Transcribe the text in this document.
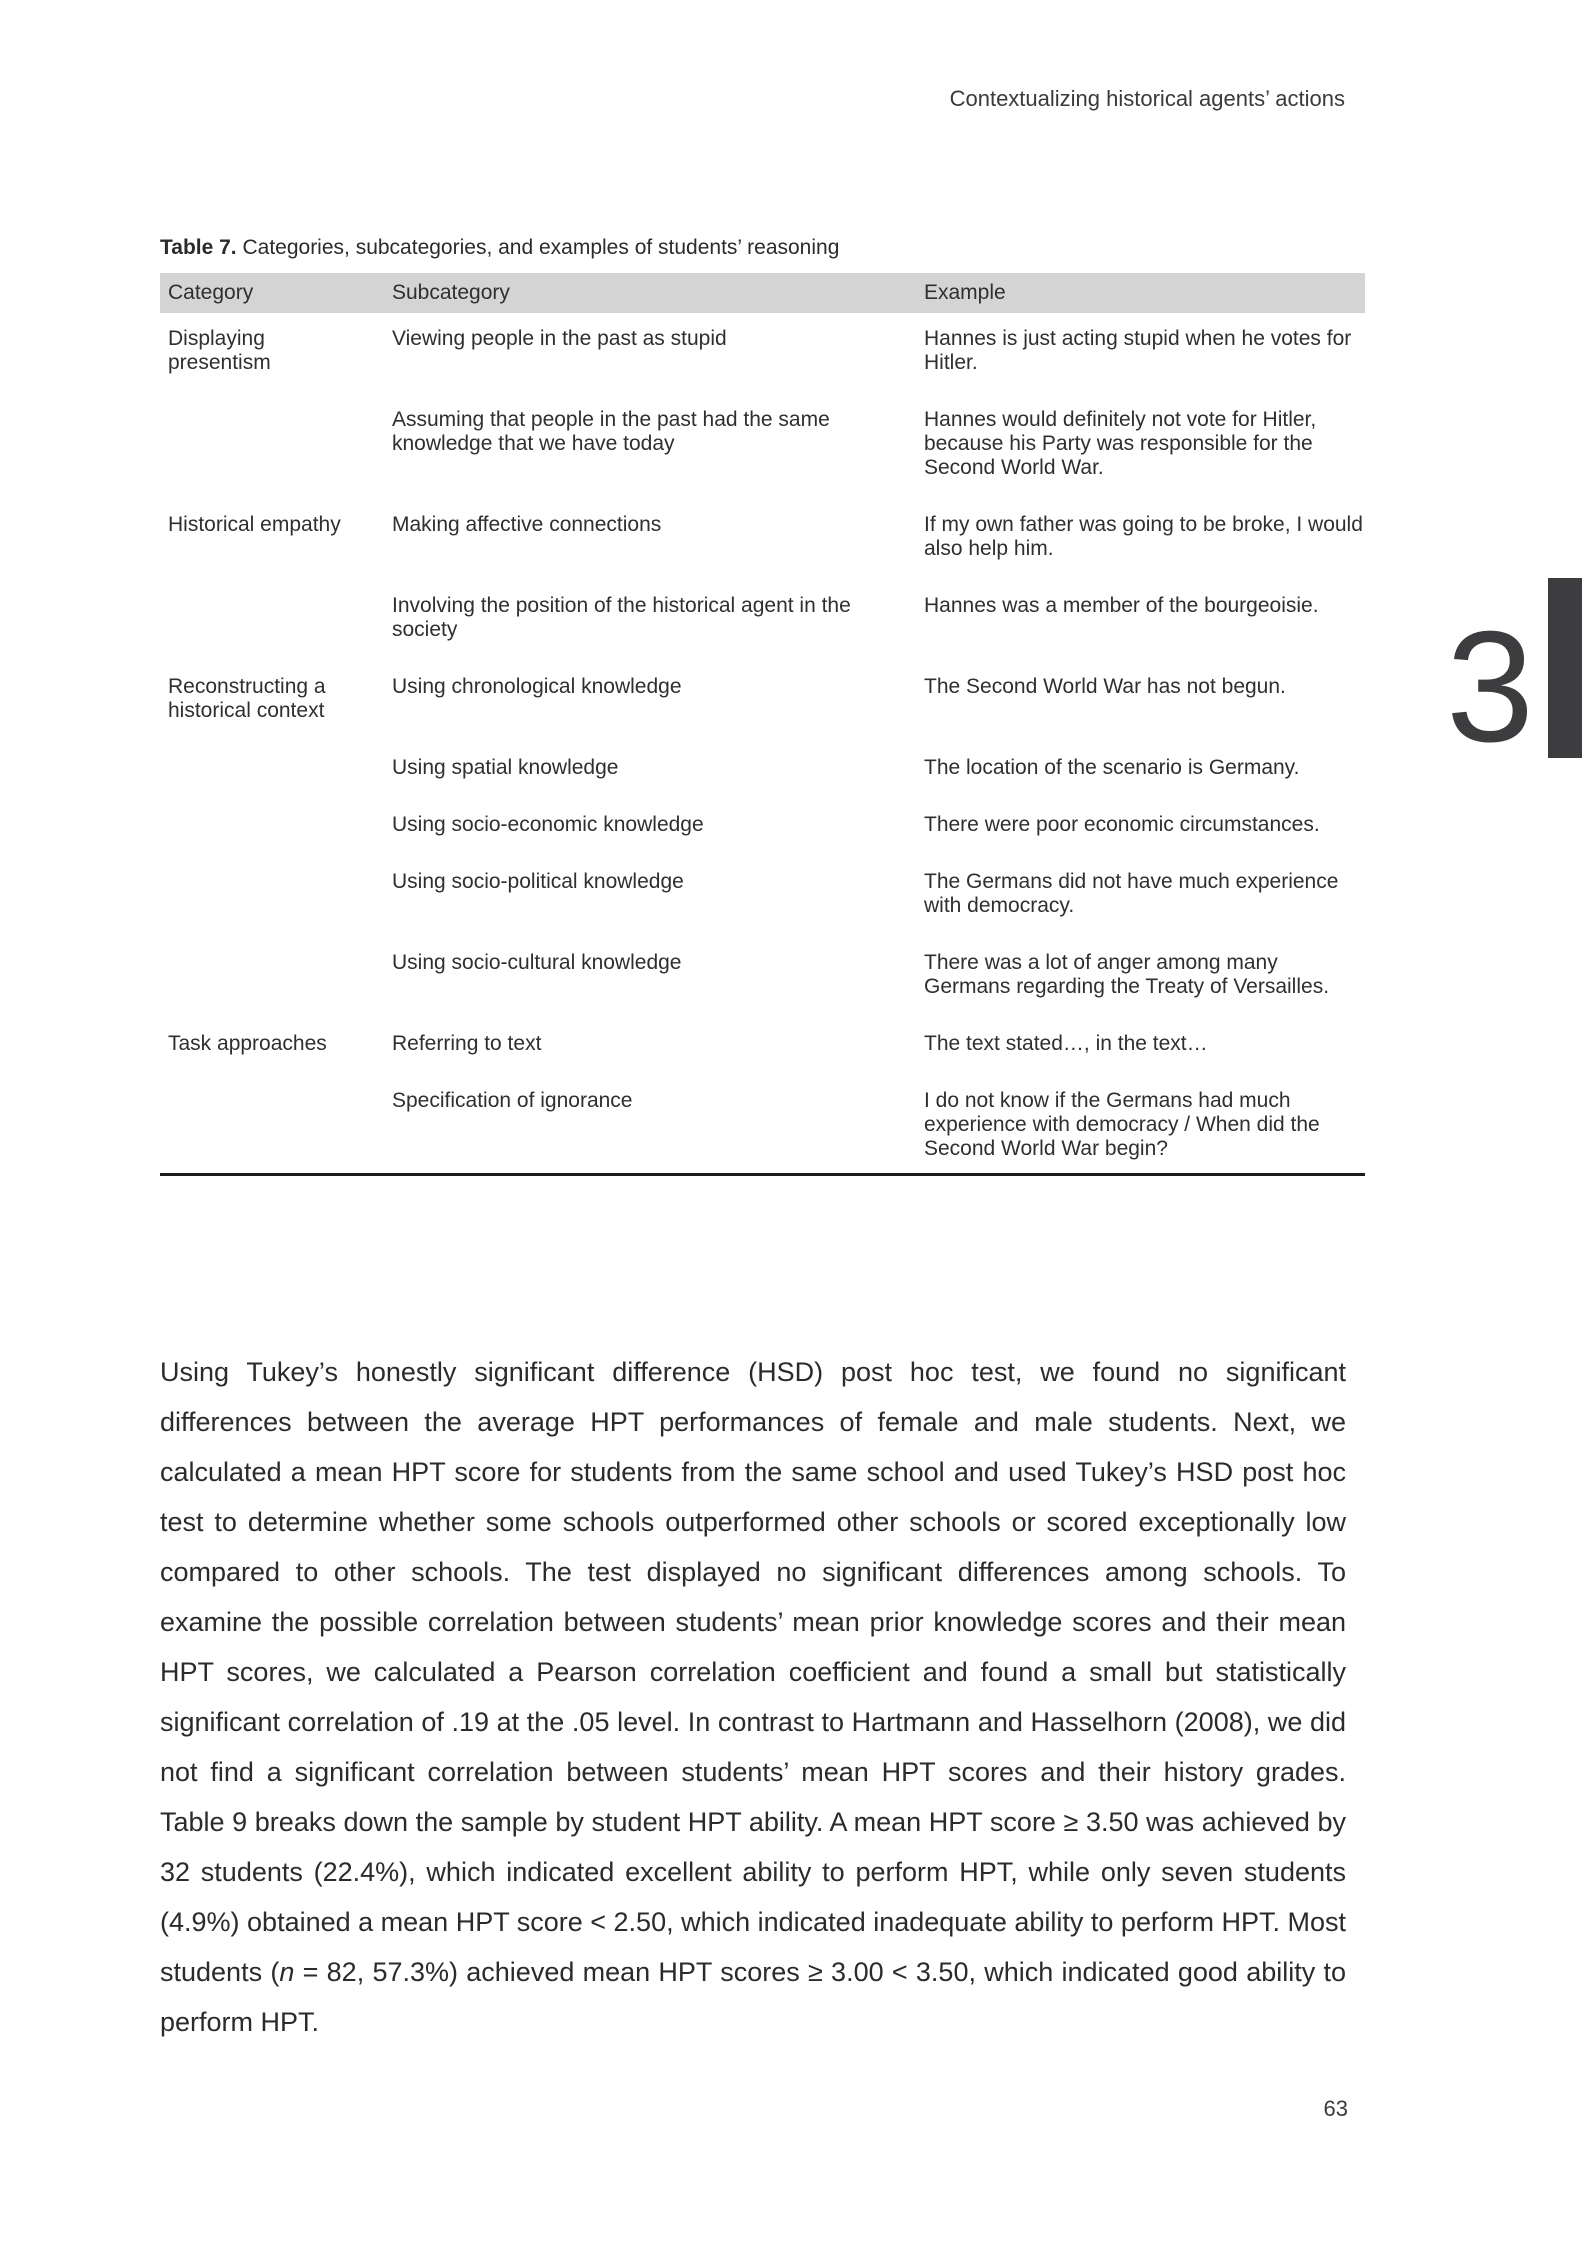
Contextualizing historical agents’ actions
3

Table 7. Categories, subcategories, and examples of students’ reasoning

Category	Subcategory	Example
Displaying presentism	Viewing people in the past as stupid	Hannes is just acting stupid when he votes for Hitler.
	Assuming that people in the past had the same knowledge that we have today	Hannes would definitely not vote for Hitler, because his Party was responsible for the Second World War.
Historical empathy	Making affective connections	If my own father was going to be broke, I would also help him.
	Involving the position of the historical agent in the society	Hannes was a member of the bourgeoisie.
Reconstructing a historical context	Using chronological knowledge	The Second World War has not begun.
	Using spatial knowledge	The location of the scenario is Germany.
	Using socio-economic knowledge	There were poor economic circumstances.
	Using socio-political knowledge	The Germans did not have much experience with democracy.
	Using socio-cultural knowledge	There was a lot of anger among many Germans regarding the Treaty of Versailles.
Task approaches	Referring to text	The text stated…, in the text…
	Specification of ignorance	I do not know if the Germans had much experience with democracy / When did the Second World War begin?

Using Tukey’s honestly significant difference (HSD) post hoc test, we found no significant differences between the average HPT performances of female and male students. Next, we calculated a mean HPT score for students from the same school and used Tukey’s HSD post hoc test to determine whether some schools outperformed other schools or scored exceptionally low compared to other schools. The test displayed no significant differences among schools. To examine the possible correlation between students’ mean prior knowledge scores and their mean HPT scores, we calculated a Pearson correlation coefficient and found a small but statistically significant correlation of .19 at the .05 level. In contrast to Hartmann and Hasselhorn (2008), we did not find a significant correlation between students’ mean HPT scores and their history grades. Table 9 breaks down the sample by student HPT ability. A mean HPT score ≥ 3.50 was achieved by 32 students (22.4%), which indicated excellent ability to perform HPT, while only seven students (4.9%) obtained a mean HPT score < 2.50, which indicated inadequate ability to perform HPT. Most students (n = 82, 57.3%) achieved mean HPT scores ≥ 3.00 < 3.50, which indicated good ability to perform HPT.

63
